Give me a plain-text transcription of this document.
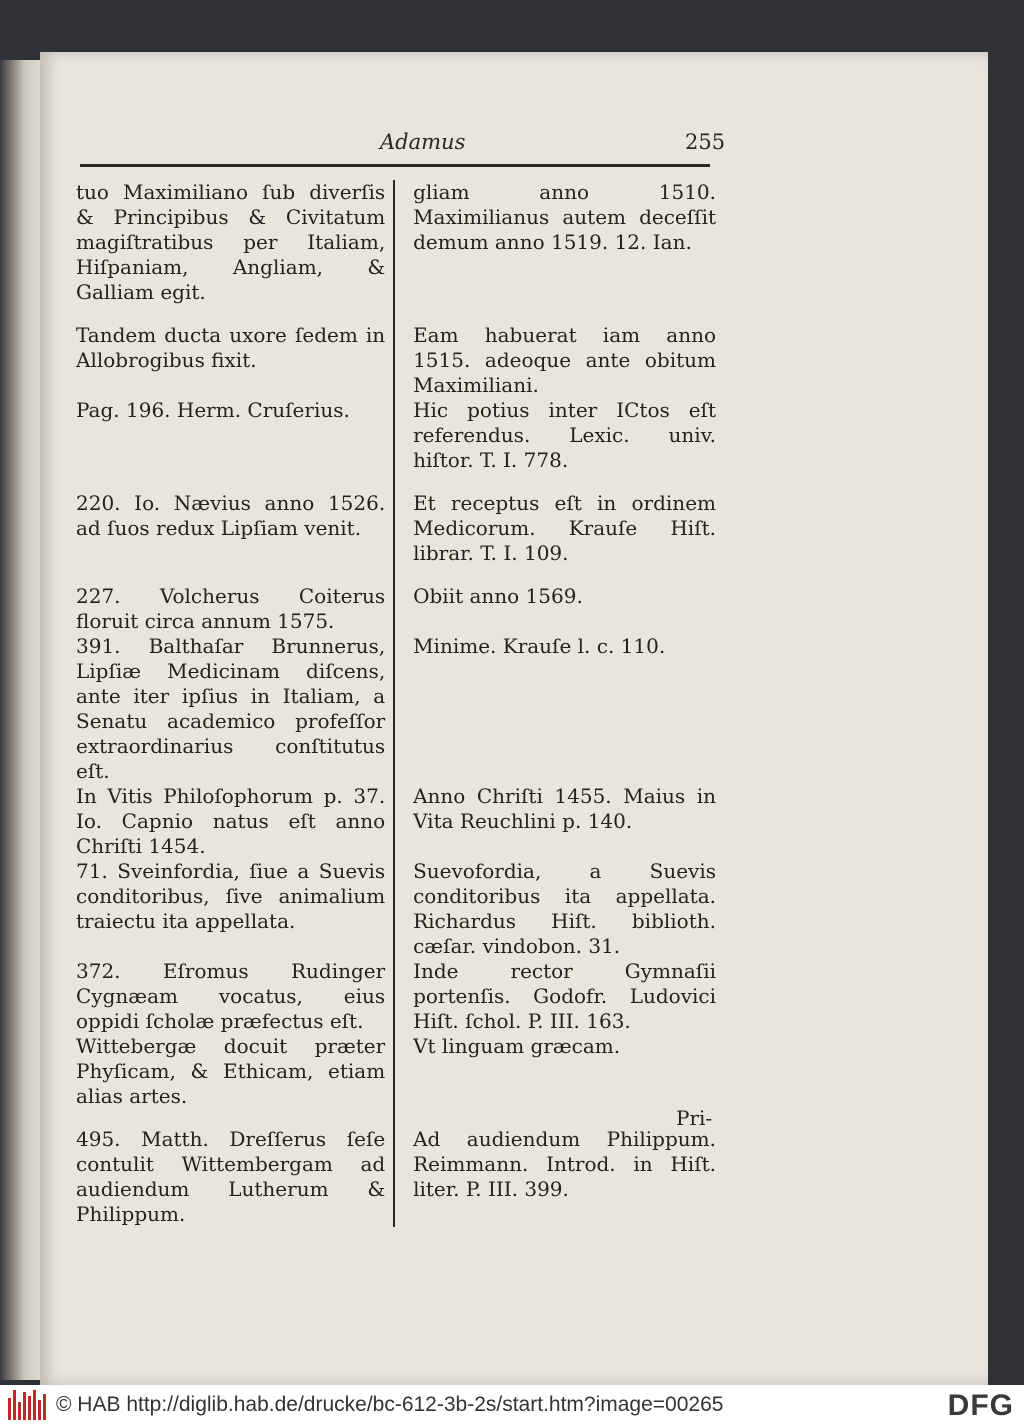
Adamus	255
tuo Maximiliano ſub diverſis & Principibus & Civitatum magiſtratibus per Italiam, Hiſpaniam, Angliam, & Galliam egit.		gliam anno 1510. Maximilianus autem deceſſit demum anno 1519. 12. Ian.

Tandem ducta uxore ſedem in Allobrogibus fixit.		Eam habuerat iam anno 1515. adeoque ante obitum Maximiliani.
Pag. 196. Herm. Cruſerius.		Hic potius inter ICtos eſt referendus. Lexic. univ. hiſtor. T. I. 778.

220. Io. Nævius anno 1526. ad ſuos redux Lipſiam venit.		Et receptus eſt in ordinem Medicorum. Krauſe Hiſt. librar. T. I. 109.

227. Volcherus Coiterus floruit circa annum 1575.		Obiit anno 1569.
391. Balthaſar Brunnerus, Lipſiæ Medicinam diſcens, ante iter ipſius in Italiam, a Senatu academico profeſſor extraordinarius conſtitutus eſt.		Minime. Krauſe l. c. 110.
In Vitis Philoſophorum p. 37. Io. Capnio natus eſt anno Chriſti 1454.		Anno Chriſti 1455. Maius in Vita Reuchlini p. 140.
71. Sveinfordia, ſiue a Suevis conditoribus, ſive animalium traiectu ita appellata.		Suevofordia, a Suevis conditoribus ita appellata. Richardus Hiſt. biblioth. cæſar. vindobon. 31.
372. Eſromus Rudinger Cygnæam vocatus, eius oppidi ſcholæ præfectus eſt.		Inde rector Gymnaſii portenſis. Godofr. Ludovici Hiſt. ſchol. P. III. 163.
Wittebergæ docuit præter Phyſicam, & Ethicam, etiam alias artes.		Vt linguam græcam.

495. Matth. Dreſſerus ſeſe contulit Wittembergam ad audiendum Lutherum & Philippum.		Ad audiendum Philippum. Reimmann. Introd. in Hiſt. liter. P. III. 399.
Pri-
© HAB http://diglib.hab.de/drucke/bc-612-3b-2s/start.htm?image=00265	DFG
